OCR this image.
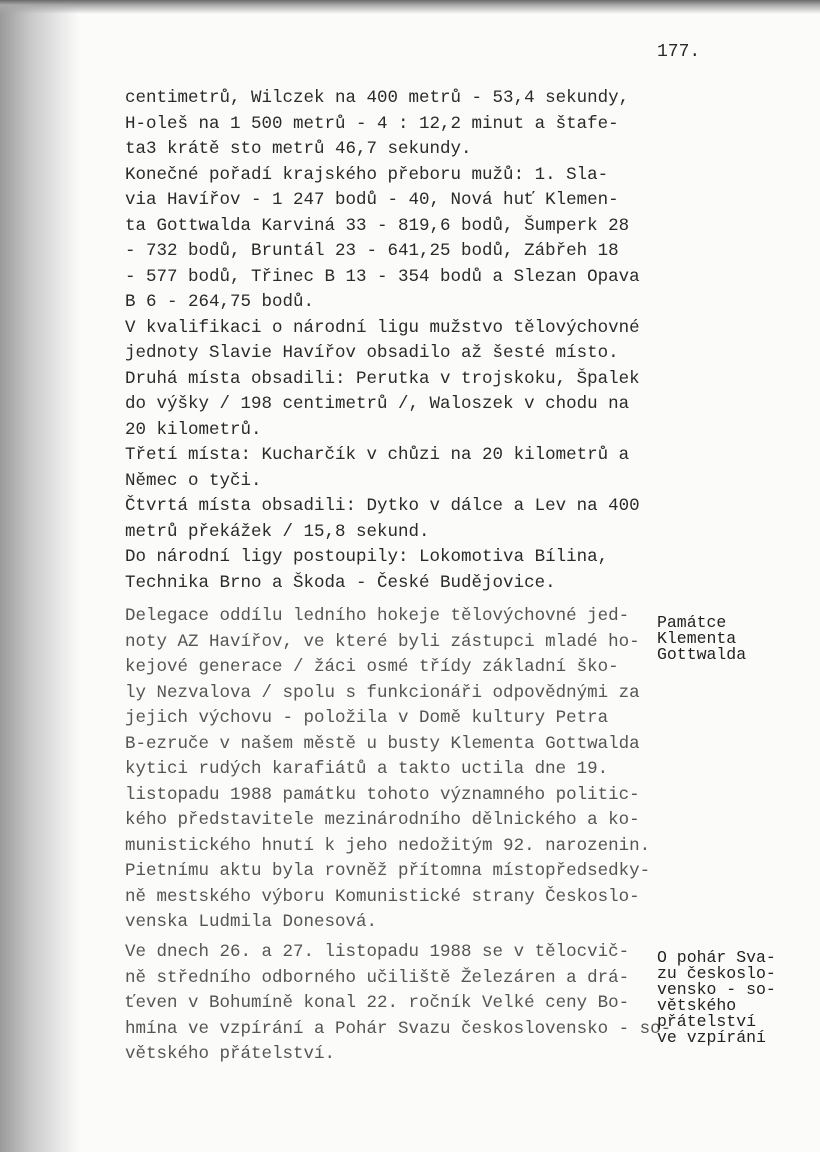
177.
centimetrů, Wilczek na 400 metrů - 53,4 sekundy,
H-oleš na 1 500 metrů - 4 : 12,2 minut a štafe-
ta3 krátě sto metrů 46,7 sekundy.
Konečné pořadí krajského přeboru mužů: 1. Sla-
via Havířov - 1 247 bodů - 40, Nová huť Klemen-
ta Gottwalda Karviná 33 - 819,6 bodů, Šumperk 28
- 732 bodů, Bruntál 23 - 641,25 bodů, Zábřeh 18
- 577 bodů, Třinec B 13 - 354 bodů a Slezan Opava
B 6 - 264,75 bodů.
V kvalifikaci o národní ligu mužstvo tělovýchovné
jednoty Slavie Havířov obsadilo až šesté místo.
Druhá místa obsadili: Perutka v trojskoku, Špalek
do výšky / 198 centimetrů /, Waloszek v chodu na
20 kilometrů.
Třetí místa: Kucharčík v chůzi na 20 kilometrů a
Němec o tyči.
Čtvrtá místa obsadili: Dytko v dálce a Lev na 400
metrů překážek / 15,8 sekund.
Do národní ligy postoupily: Lokomotiva Bílina,
Technika Brno a Škoda - České Budějovice.
Delegace oddílu ledního hokeje tělovýchovné jed-
noty AZ Havířov, ve které byli zástupci mladé ho-
kejové generace / žáci osmé třídy základní ško-
ly Nezvalova / spolu s funkcionáři odpovědnými za
jejich výchovu - položila v Domě kultury Petra
B-ezruče v našem městě u busty Klementa Gottwalda
kytici rudých karafiátů a takto uctila dne 19.
listopadu 1988 památku tohoto významného politic-
kého představitele mezinárodního dělnického a ko-
munistického hnutí k jeho nedožitým 92. narozenin.
Pietnímu aktu byla rovněž přítomna místopředsedky-
ně mestského výboru Komunistické strany Českoslo-
venska Ludmila Donesová.
Památce
Klementa
Gottwalda
Ve dnech 26. a 27. listopadu 1988 se v tělocvič-
ně středního odborného učiliště Železáren a drá-
ťeven v Bohumíně konal 22. ročník Velké ceny Bo-
hmína ve vzpírání a Pohár Svazu československo - so-
větského přátelství.
O pohár Sva-
zu českoslo-
vensko - so-
větského
přátelství
ve vzpírání
